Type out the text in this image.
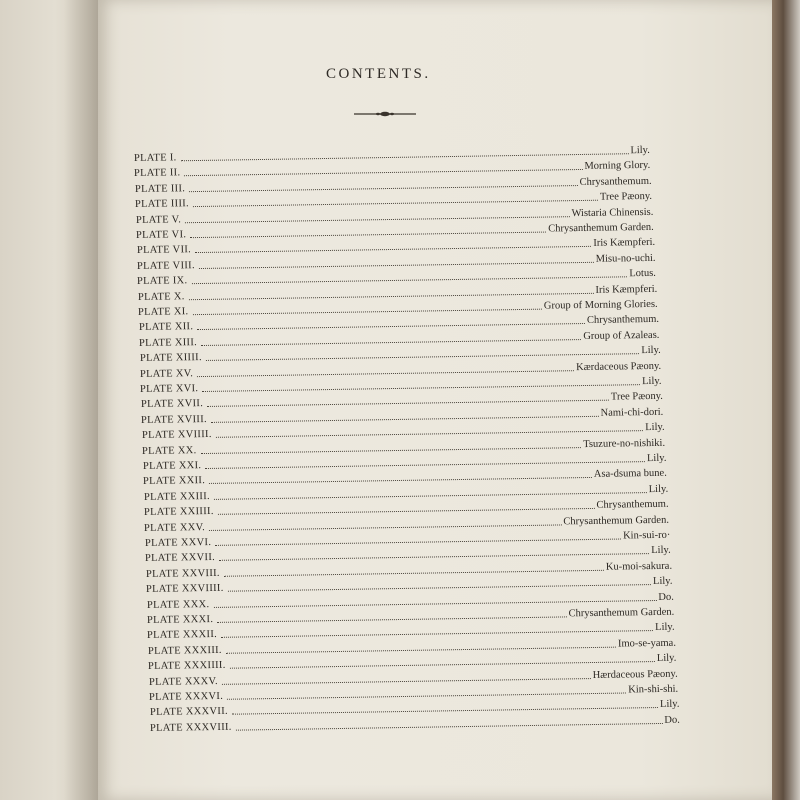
CONTENTS.
PLATE I.
Lily.
PLATE II.
Morning Glory.
PLATE III.
Chrysanthemum.
PLATE IIII.
Tree Pæony.
PLATE V.
Wistaria Chinensis.
PLATE VI.
Chrysanthemum Garden.
PLATE VII.
Iris Kæmpferi.
PLATE VIII.
Misu-no-uchi.
PLATE IX.
Lotus.
PLATE X.
Iris Kæmpferi.
PLATE XI.
Group of Morning Glories.
PLATE XII.
Chrysanthemum.
PLATE XIII.
Group of Azaleas.
PLATE XIIII.
Lily.
PLATE XV.
Kærdaceous Pæony.
PLATE XVI.
Lily.
PLATE XVII.
Tree Pæony.
PLATE XVIII.
Nami-chi-dori.
PLATE XVIIII.
Lily.
PLATE XX.
Tsuzure-no-nishiki.
PLATE XXI.
Lily.
PLATE XXII.
Asa-dsuma bune.
PLATE XXIII.
Lily.
PLATE XXIIII.
Chrysanthemum.
PLATE XXV.
Chrysanthemum Garden.
PLATE XXVI.
Kin-sui-ro·
PLATE XXVII.
Lily.
PLATE XXVIII.
Ku-moi-sakura.
PLATE XXVIIII.
Lily.
PLATE XXX.
Do.
PLATE XXXI.
Chrysanthemum Garden.
PLATE XXXII.
Lily.
PLATE XXXIII.
Imo-se-yama.
PLATE XXXIIII.
Lily.
PLATE XXXV.
Hærdaceous Pæony.
PLATE XXXVI.
Kin-shi-shi.
PLATE XXXVII.
Lily.
PLATE XXXVIII.
Do.
